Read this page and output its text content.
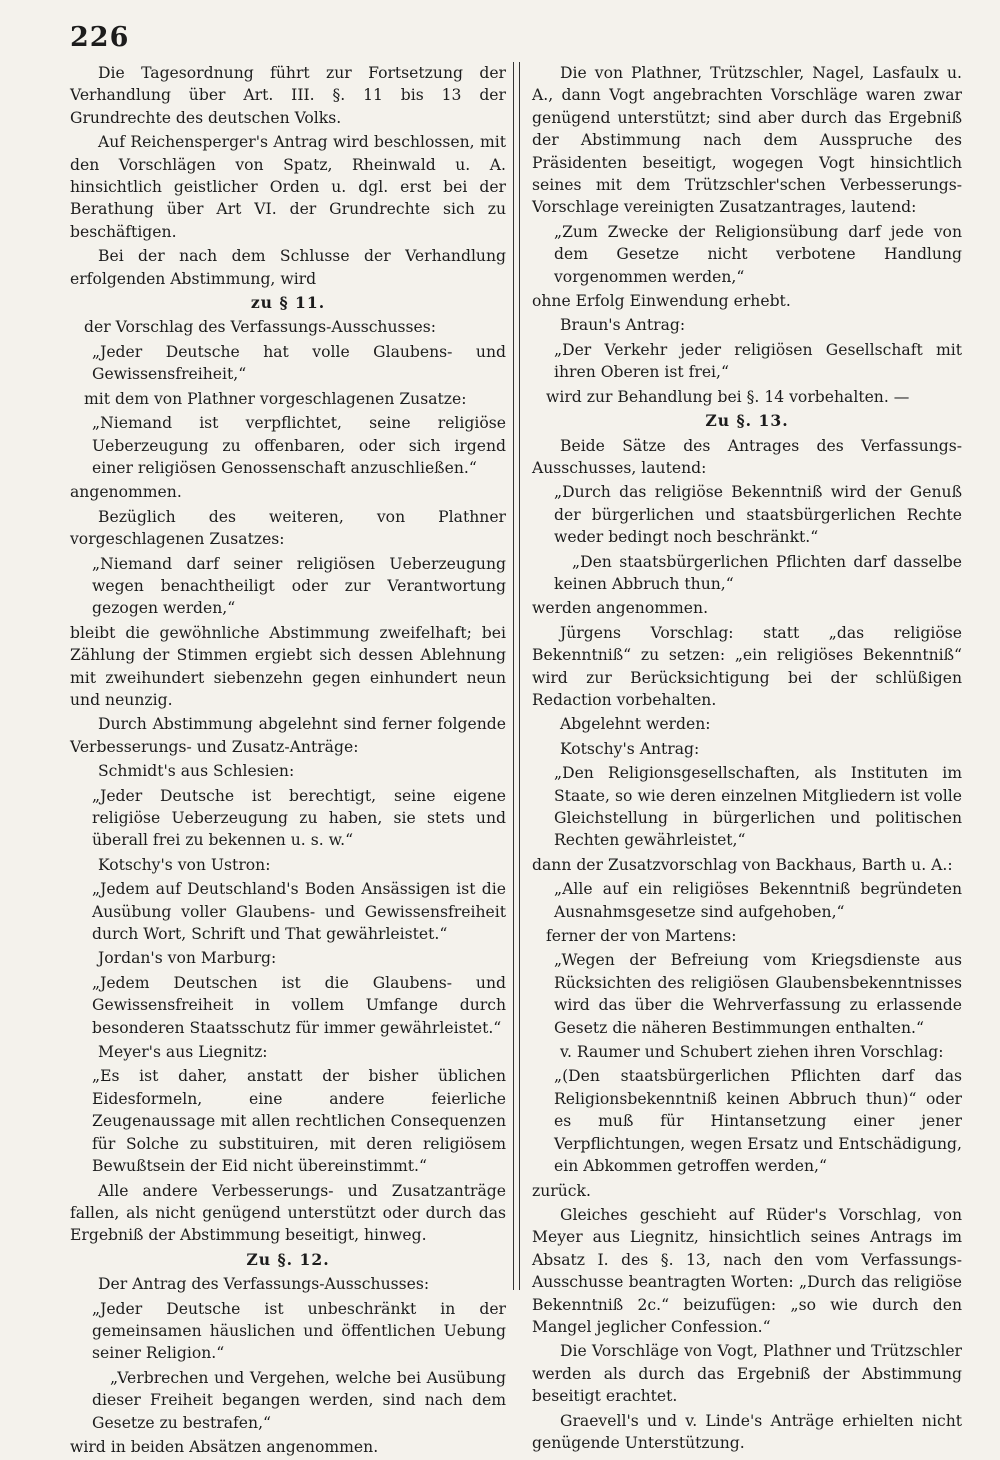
226

Die Tagesordnung führt zur Fortsetzung der Verhandlung über Art. III. §. 11 bis 13 der Grundrechte des deutschen Volks.

Auf Reichensperger's Antrag wird beschlossen, mit den Vorschlägen von Spatz, Rheinwald u. A. hinsichtlich geistlicher Orden u. dgl. erst bei der Berathung über Art VI. der Grundrechte sich zu beschäftigen.

Bei der nach dem Schlusse der Verhandlung erfolgenden Abstimmung, wird

zu § 11.

der Vorschlag des Verfassungs-Ausschusses:

„Jeder Deutsche hat volle Glaubens- und Gewissensfreiheit,“

mit dem von Plathner vorgeschlagenen Zusatze:

„Niemand ist verpflichtet, seine religiöse Ueberzeugung zu offenbaren, oder sich irgend einer religiösen Genossenschaft anzuschließen.“

angenommen.

Bezüglich des weiteren, von Plathner vorgeschlagenen Zusatzes:

„Niemand darf seiner religiösen Ueberzeugung wegen benachtheiligt oder zur Verantwortung gezogen werden,“

bleibt die gewöhnliche Abstimmung zweifelhaft; bei Zählung der Stimmen ergiebt sich dessen Ablehnung mit zweihundert siebenzehn gegen einhundert neun und neunzig.

Durch Abstimmung abgelehnt sind ferner folgende Verbesserungs- und Zusatz-Anträge:

Schmidt's aus Schlesien:

„Jeder Deutsche ist berechtigt, seine eigene religiöse Ueberzeugung zu haben, sie stets und überall frei zu bekennen u. s. w.“

Kotschy's von Ustron:

„Jedem auf Deutschland's Boden Ansässigen ist die Ausübung voller Glaubens- und Gewissensfreiheit durch Wort, Schrift und That gewährleistet.“

Jordan's von Marburg:

„Jedem Deutschen ist die Glaubens- und Gewissensfreiheit in vollem Umfange durch besonderen Staatsschutz für immer gewährleistet.“

Meyer's aus Liegnitz:

„Es ist daher, anstatt der bisher üblichen Eidesformeln, eine andere feierliche Zeugenaussage mit allen rechtlichen Consequenzen für Solche zu substituiren, mit deren religiösem Bewußtsein der Eid nicht übereinstimmt.“

Alle andere Verbesserungs- und Zusatzanträge fallen, als nicht genügend unterstützt oder durch das Ergebniß der Abstimmung beseitigt, hinweg.

Zu §. 12.

Der Antrag des Verfassungs-Ausschusses:

„Jeder Deutsche ist unbeschränkt in der gemeinsamen häuslichen und öffentlichen Uebung seiner Religion.“

„Verbrechen und Vergehen, welche bei Ausübung dieser Freiheit begangen werden, sind nach dem Gesetze zu bestrafen,“

wird in beiden Absätzen angenommen.

Die von Plathner, Trützschler, Nagel, Lasfaulx u. A., dann Vogt angebrachten Vorschläge waren zwar genügend unterstützt; sind aber durch das Ergebniß der Abstimmung nach dem Ausspruche des Präsidenten beseitigt, wogegen Vogt hinsichtlich seines mit dem Trützschler'schen Verbesserungs-Vorschlage vereinigten Zusatzantrages, lautend:

„Zum Zwecke der Religionsübung darf jede von dem Gesetze nicht verbotene Handlung vorgenommen werden,“

ohne Erfolg Einwendung erhebt.

Braun's Antrag:

„Der Verkehr jeder religiösen Gesellschaft mit ihren Oberen ist frei,“

wird zur Behandlung bei §. 14 vorbehalten. —

Zu §. 13.

Beide Sätze des Antrages des Verfassungs-Ausschusses, lautend:

„Durch das religiöse Bekenntniß wird der Genuß der bürgerlichen und staatsbürgerlichen Rechte weder bedingt noch beschränkt.“

„Den staatsbürgerlichen Pflichten darf dasselbe keinen Abbruch thun,“

werden angenommen.

Jürgens Vorschlag: statt „das religiöse Bekenntniß“ zu setzen: „ein religiöses Bekenntniß“ wird zur Berücksichtigung bei der schlüßigen Redaction vorbehalten.

Abgelehnt werden:

Kotschy's Antrag:

„Den Religionsgesellschaften, als Instituten im Staate, so wie deren einzelnen Mitgliedern ist volle Gleichstellung in bürgerlichen und politischen Rechten gewährleistet,“

dann der Zusatzvorschlag von Backhaus, Barth u. A.:

„Alle auf ein religiöses Bekenntniß begründeten Ausnahmsgesetze sind aufgehoben,“

ferner der von Martens:

„Wegen der Befreiung vom Kriegsdienste aus Rücksichten des religiösen Glaubensbekenntnisses wird das über die Wehrverfassung zu erlassende Gesetz die näheren Bestimmungen enthalten.“

v. Raumer und Schubert ziehen ihren Vorschlag:

„(Den staatsbürgerlichen Pflichten darf das Religionsbekenntniß keinen Abbruch thun)“ oder es muß für Hintansetzung einer jener Verpflichtungen, wegen Ersatz und Entschädigung, ein Abkommen getroffen werden,“

zurück.

Gleiches geschieht auf Rüder's Vorschlag, von Meyer aus Liegnitz, hinsichtlich seines Antrags im Absatz I. des §. 13, nach den vom Verfassungs-Ausschusse beantragten Worten: „Durch das religiöse Bekenntniß 2c.“ beizufügen: „so wie durch den Mangel jeglicher Confession.“

Die Vorschläge von Vogt, Plathner und Trützschler werden als durch das Ergebniß der Abstimmung beseitigt erachtet.

Graevell's und v. Linde's Anträge erhielten nicht genügende Unterstützung.
